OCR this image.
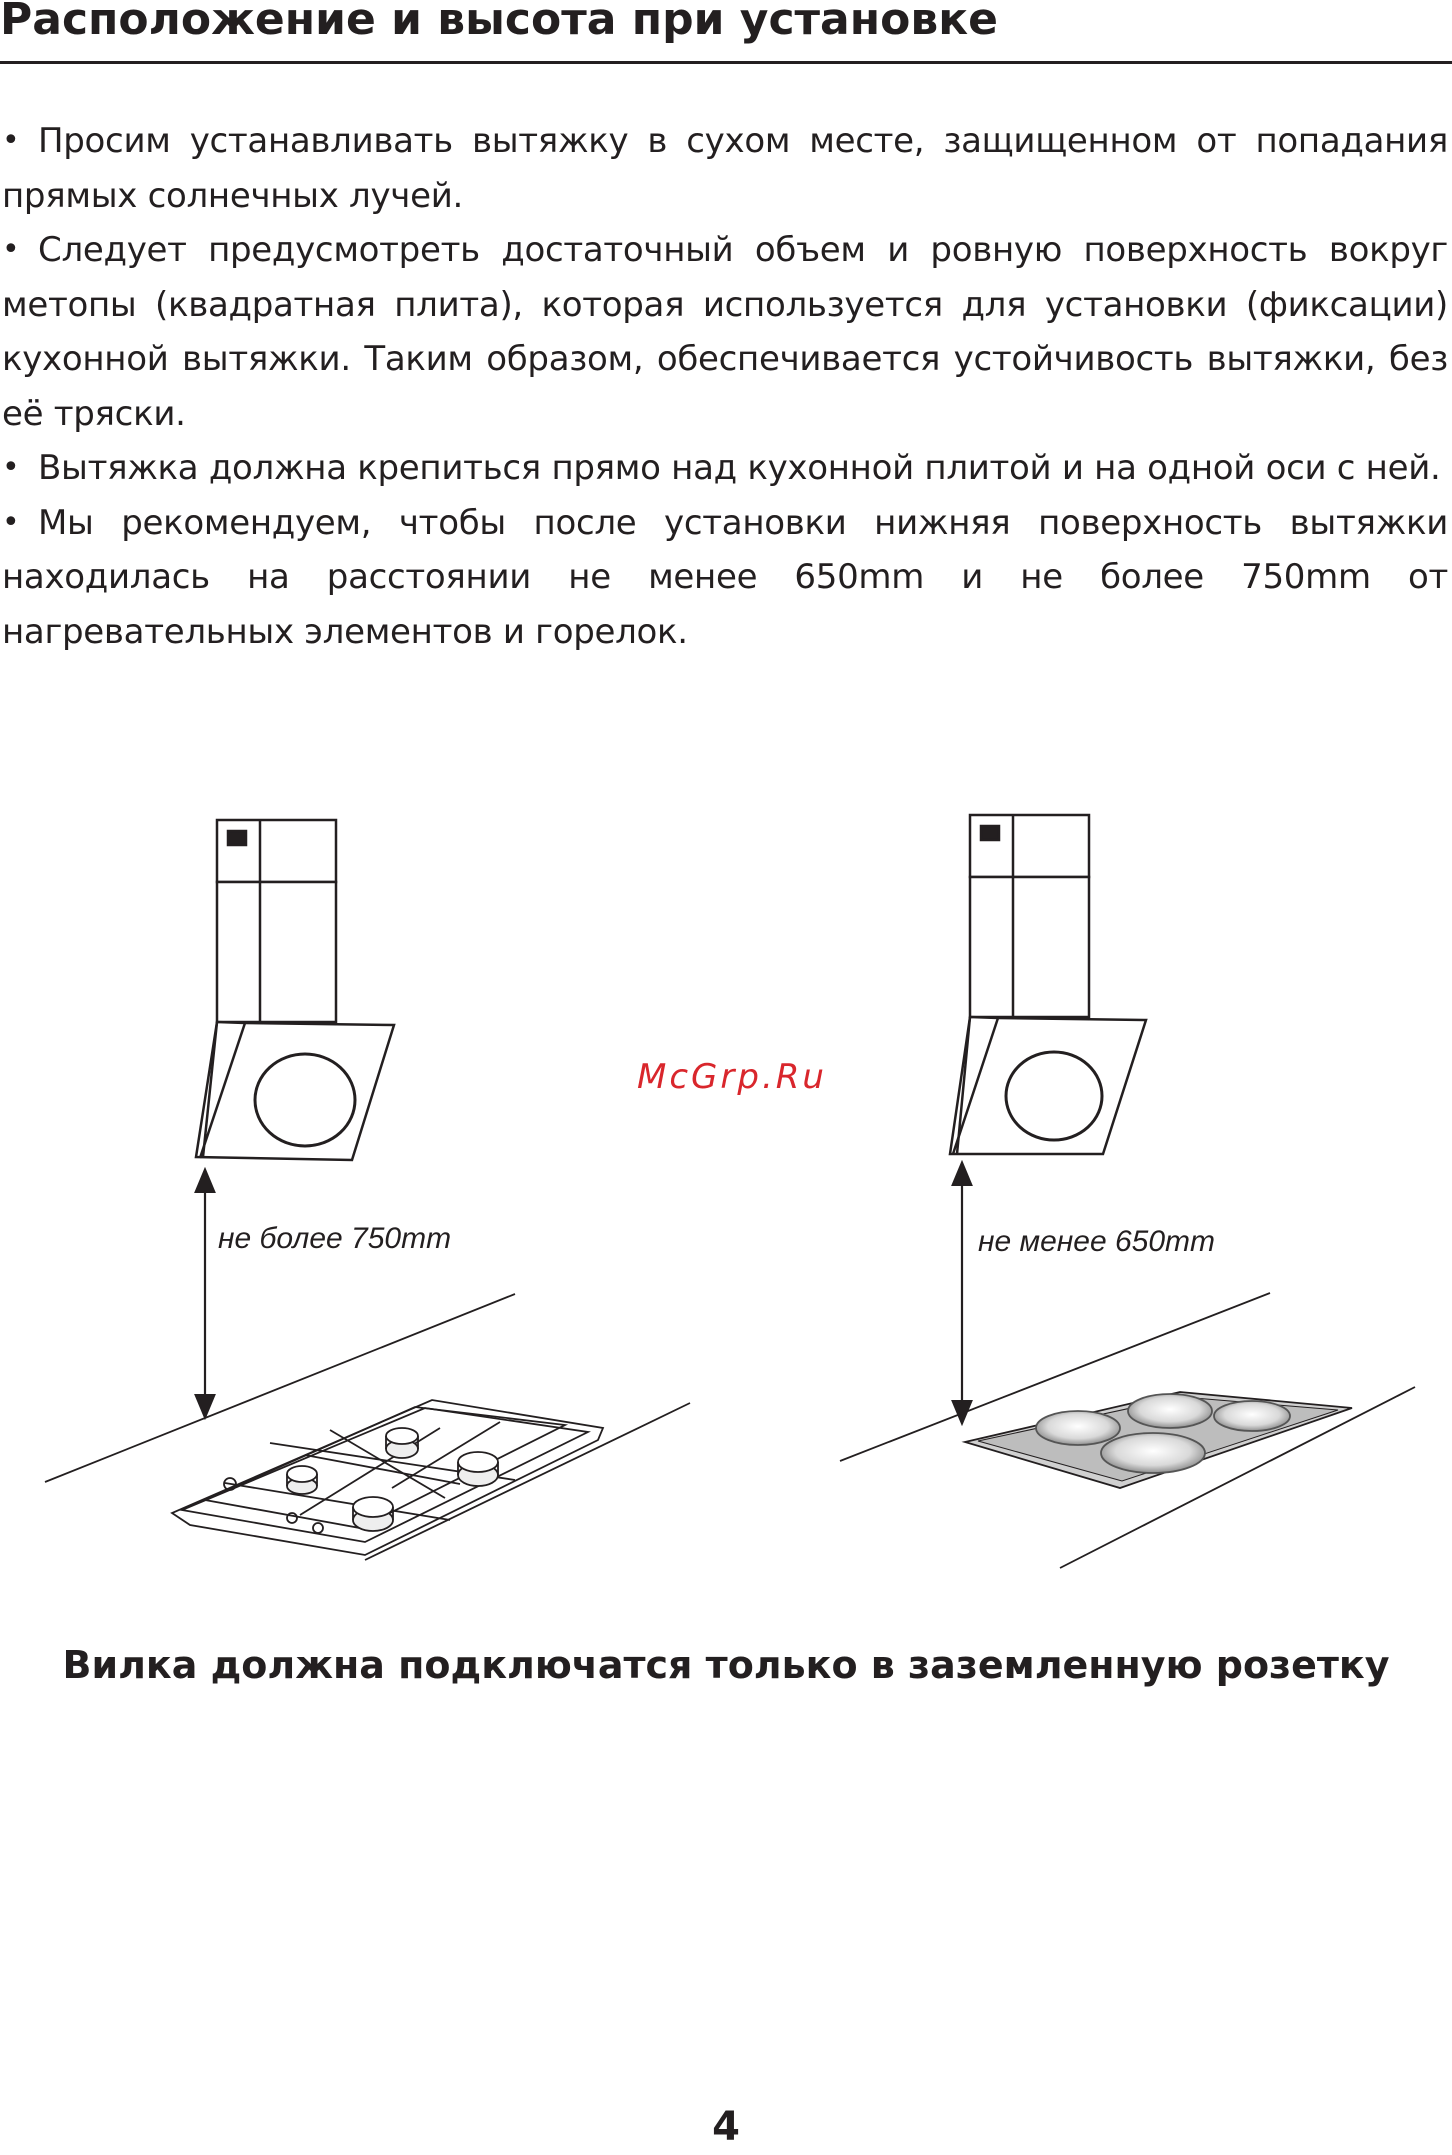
Расположение и высота при установке
• Просим устанавливать вытяжку в сухом месте, защищенном от попадания прямых солнечных лучей.
• Следует предусмотреть достаточный объем и ровную поверхность вокруг метопы (квадратная плита), которая используется для установки (фиксации) кухонной вытяжки. Таким образом, обеспечивается устойчивость вытяжки, без её тряски.
• Вытяжка должна крепиться прямо над кухонной плитой и на одной оси с ней.
• Мы рекомендуем, чтобы после установки нижняя поверхность вытяжки находилась на расстоянии не менее 650mm и не более 750mm от нагревательных элементов и горелок.
не более 750mm	не менее 650mm
McGrp.Ru
Вилка должна подключатся только в заземленную розетку
4
